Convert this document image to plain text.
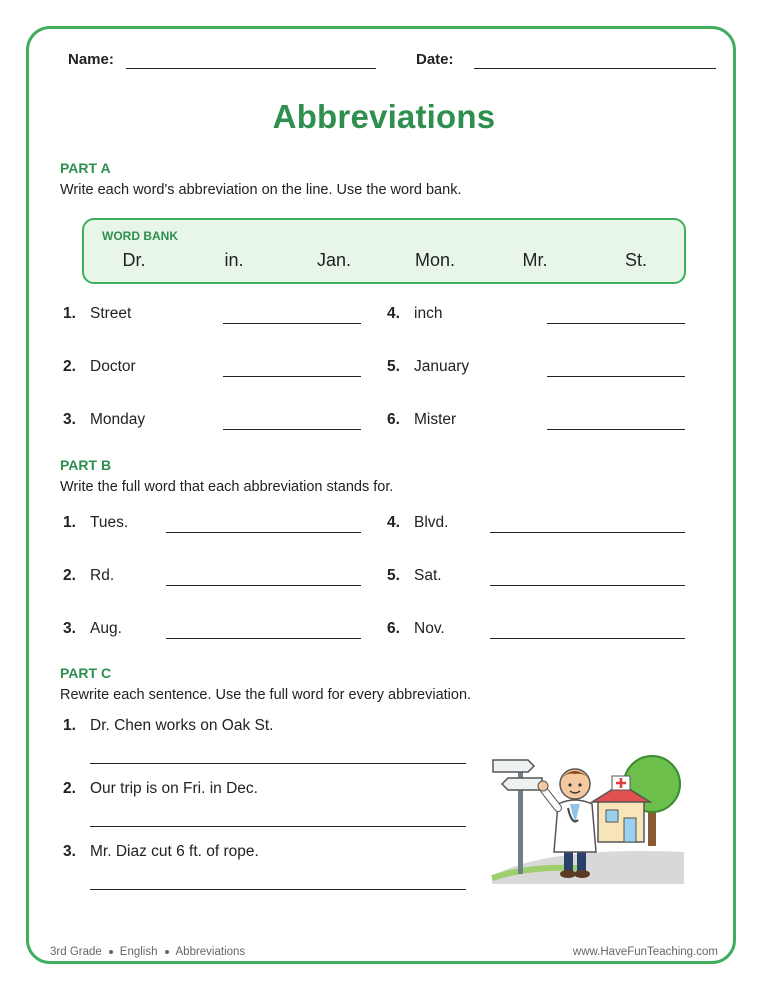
Name:	Date:
Abbreviations
PART A
Write each word's abbreviation on the line. Use the word bank.
WORD BANK
Dr.	in.	Jan.	Mon.	Mr.	St.
1. Street
2. Doctor
3. Monday
4. inch
5. January
6. Mister
PART B
Write the full word that each abbreviation stands for.
1. Tues.
2. Rd.
3. Aug.
4. Blvd.
5. Sat.
6. Nov.
PART C
Rewrite each sentence. Use the full word for every abbreviation.
1. Dr. Chen works on Oak St.
2. Our trip is on Fri. in Dec.
3. Mr. Diaz cut 6 ft. of rope.
3rd Grade English Abbreviations	www.HaveFunTeaching.com
